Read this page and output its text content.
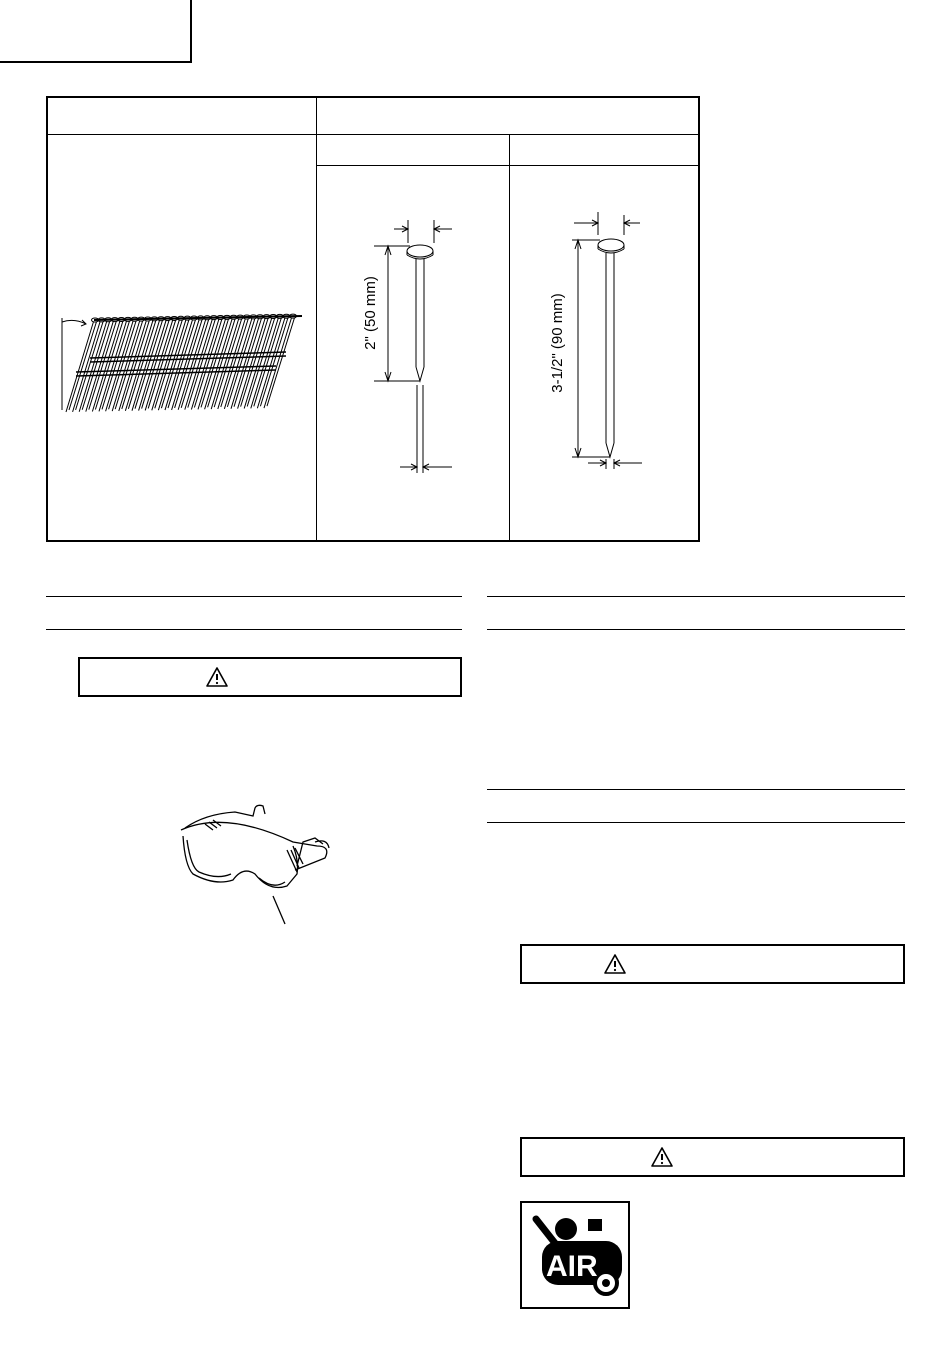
2" (50 mm)	3-1/2" (90 mm)
AIR
